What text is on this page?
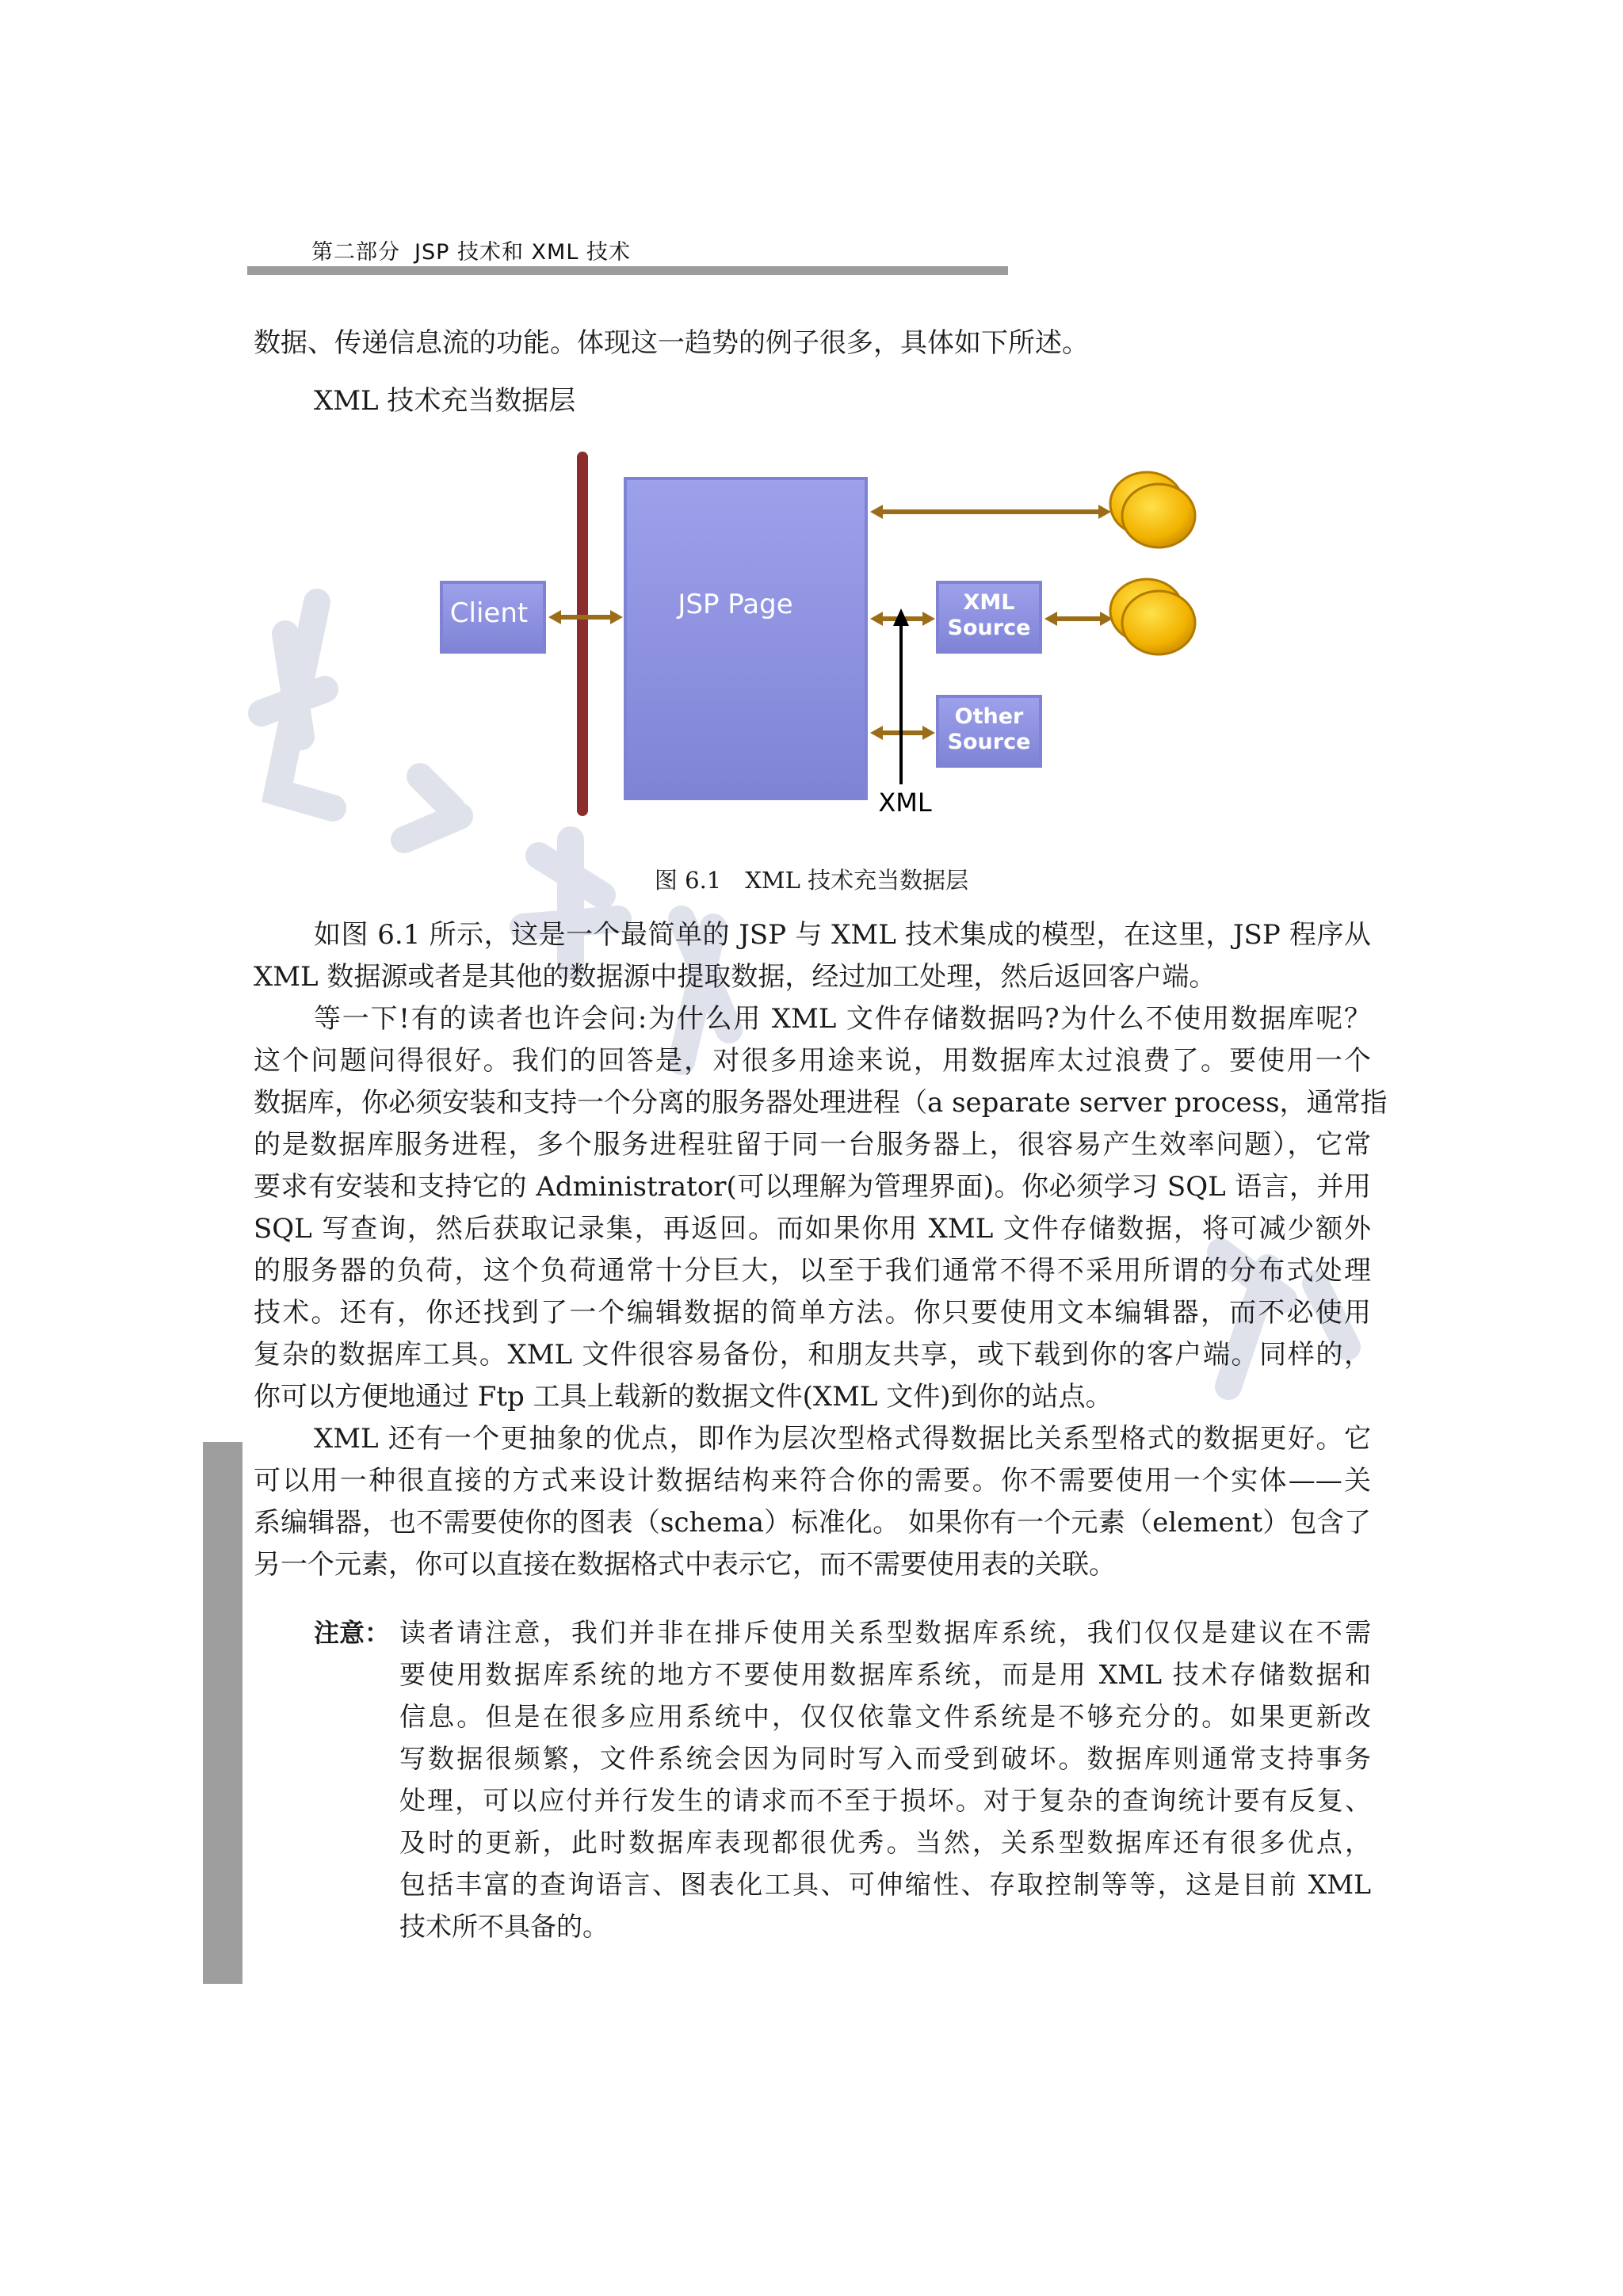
第二部分 JSP 技术和 XML 技术
数据、传递信息流的功能。体现这一趋势的例子很多，具体如下所述。
XML 技术充当数据层
Client	JSP Page	XML
Source
Other
Source
XML
图 6.1 XML 技术充当数据层
如图 6.1 所示，这是一个最简单的 JSP 与 XML 技术集成的模型，在这里，JSP 程序从
XML 数据源或者是其他的数据源中提取数据，经过加工处理，然后返回客户端。
等一下!有的读者也许会问:为什么用 XML 文件存储数据吗?为什么不使用数据库呢？
这个问题问得很好。我们的回答是，对很多用途来说，用数据库太过浪费了。要使用一个
数据库，你必须安装和支持一个分离的服务器处理进程（a separate server process，通常指
的是数据库服务进程，多个服务进程驻留于同一台服务器上，很容易产生效率问题），它常
要求有安装和支持它的 Administrator(可以理解为管理界面)。你必须学习 SQL 语言，并用
SQL 写查询，然后获取记录集，再返回。而如果你用 XML 文件存储数据，将可减少额外
的服务器的负荷，这个负荷通常十分巨大，以至于我们通常不得不采用所谓的分布式处理
技术。还有，你还找到了一个编辑数据的简单方法。你只要使用文本编辑器，而不必使用
复杂的数据库工具。XML 文件很容易备份，和朋友共享，或下载到你的客户端。同样的，
你可以方便地通过 Ftp 工具上载新的数据文件(XML 文件)到你的站点。
XML 还有一个更抽象的优点，即作为层次型格式得数据比关系型格式的数据更好。它
可以用一种很直接的方式来设计数据结构来符合你的需要。你不需要使用一个实体——关
系编辑器，也不需要使你的图表（schema）标准化。 如果你有一个元素（element）包含了
另一个元素，你可以直接在数据格式中表示它，而不需要使用表的关联。
注意： 读者请注意，我们并非在排斥使用关系型数据库系统，我们仅仅是建议在不需
要使用数据库系统的地方不要使用数据库系统，而是用 XML 技术存储数据和
信息。但是在很多应用系统中，仅仅依靠文件系统是不够充分的。如果更新改
写数据很频繁，文件系统会因为同时写入而受到破坏。数据库则通常支持事务
处理，可以应付并行发生的请求而不至于损坏。对于复杂的查询统计要有反复、
及时的更新，此时数据库表现都很优秀。当然，关系型数据库还有很多优点，
包括丰富的查询语言、图表化工具、可伸缩性、存取控制等等，这是目前 XML
技术所不具备的。
